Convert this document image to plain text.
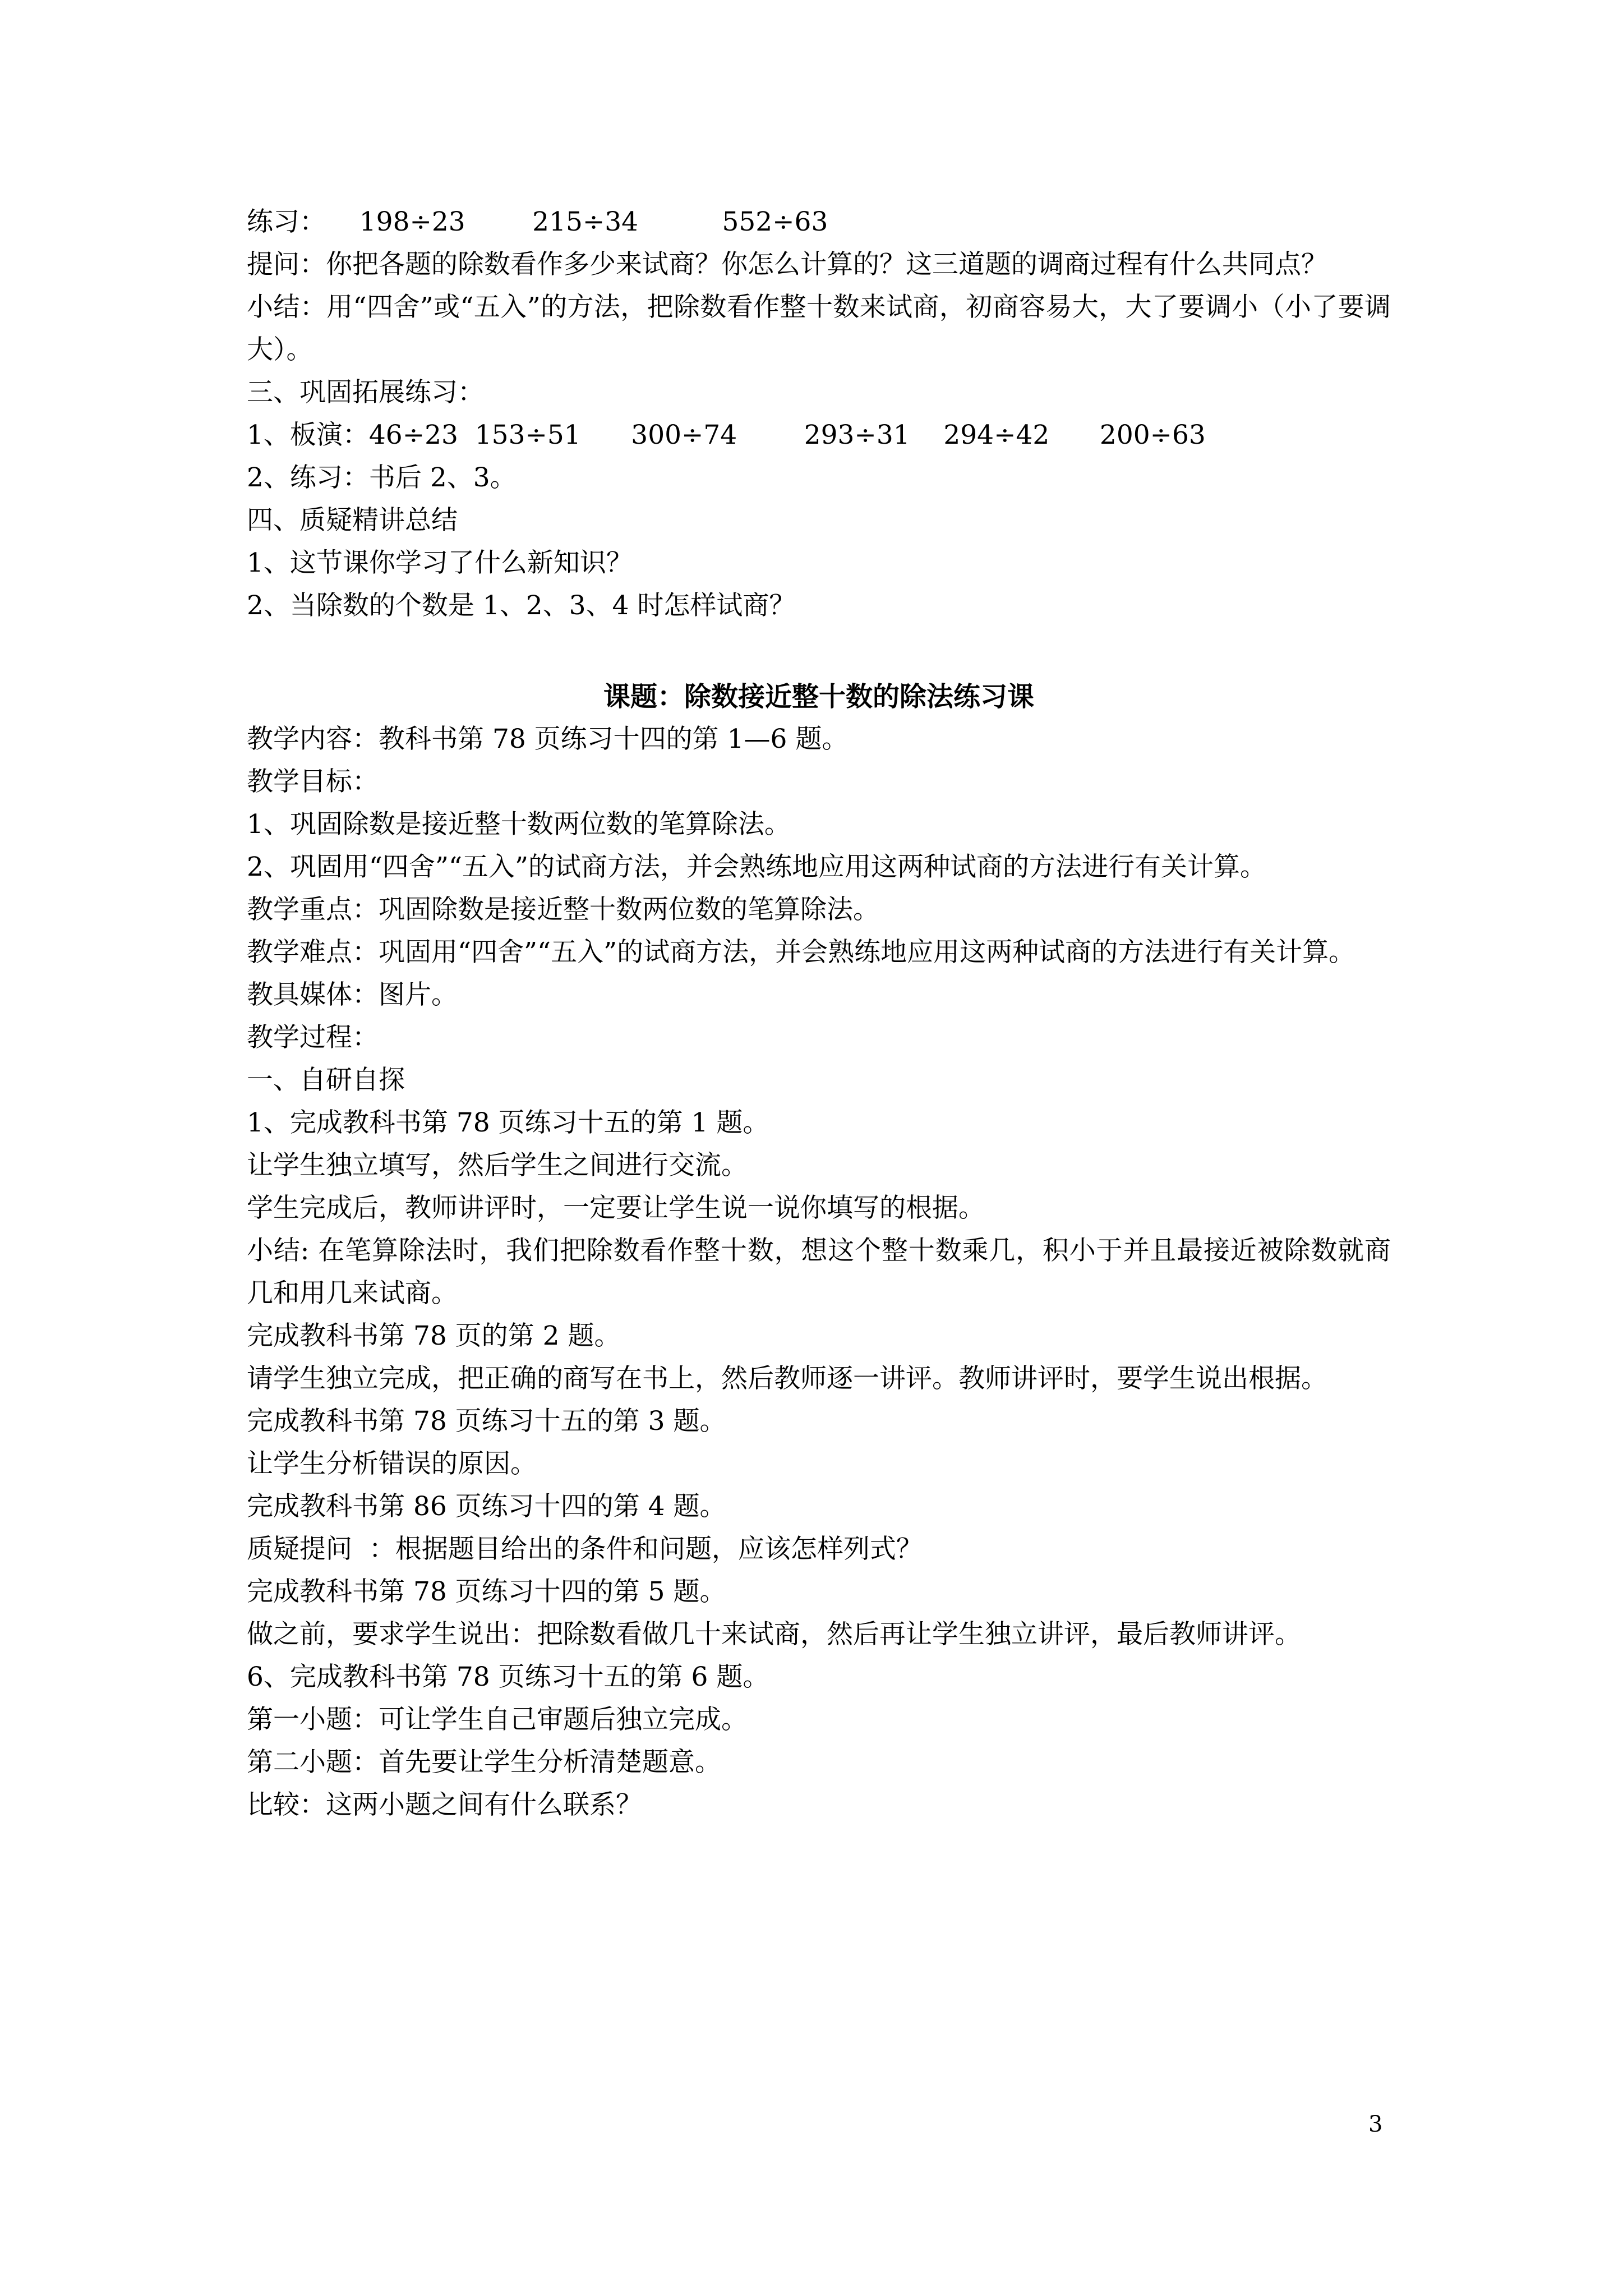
练习：    198÷23        215÷34          552÷63

提问：你把各题的除数看作多少来试商？你怎么计算的？这三道题的调商过程有什么共同点？

小结：用“四舍”或“五入”的方法，把除数看作整十数来试商，初商容易大，大了要调小（小了要调大）。

三、巩固拓展练习：

1、板演：46÷23  153÷51      300÷74        293÷31    294÷42      200÷63

2、练习：书后 2、3。

四、质疑精讲总结

1、这节课你学习了什么新知识？

2、当除数的个数是 1、2、3、4 时怎样试商？

课题：除数接近整十数的除法练习课

教学内容：教科书第 78 页练习十四的第 1—6 题。

教学目标：

1、巩固除数是接近整十数两位数的笔算除法。

2、巩固用“四舍”“五入”的试商方法，并会熟练地应用这两种试商的方法进行有关计算。

教学重点：巩固除数是接近整十数两位数的笔算除法。

教学难点：巩固用“四舍”“五入”的试商方法，并会熟练地应用这两种试商的方法进行有关计算。

教具媒体：图片。

教学过程：

一、自研自探

1、完成教科书第 78 页练习十五的第 1 题。

让学生独立填写，然后学生之间进行交流。

学生完成后，教师讲评时，一定要让学生说一说你填写的根据。

小结: 在笔算除法时，我们把除数看作整十数，想这个整十数乘几，积小于并且最接近被除数就商几和用几来试商。

完成教科书第 78 页的第 2 题。

请学生独立完成，把正确的商写在书上，然后教师逐一讲评。教师讲评时，要学生说出根据。

完成教科书第 78 页练习十五的第 3 题。

让学生分析错误的原因。

完成教科书第 86 页练习十四的第 4 题。

质疑提问  ：根据题目给出的条件和问题，应该怎样列式？

完成教科书第 78 页练习十四的第 5 题。

做之前，要求学生说出：把除数看做几十来试商，然后再让学生独立讲评，最后教师讲评。

6、完成教科书第 78 页练习十五的第 6 题。

第一小题：可让学生自己审题后独立完成。

第二小题：首先要让学生分析清楚题意。

比较：这两小题之间有什么联系？

3
